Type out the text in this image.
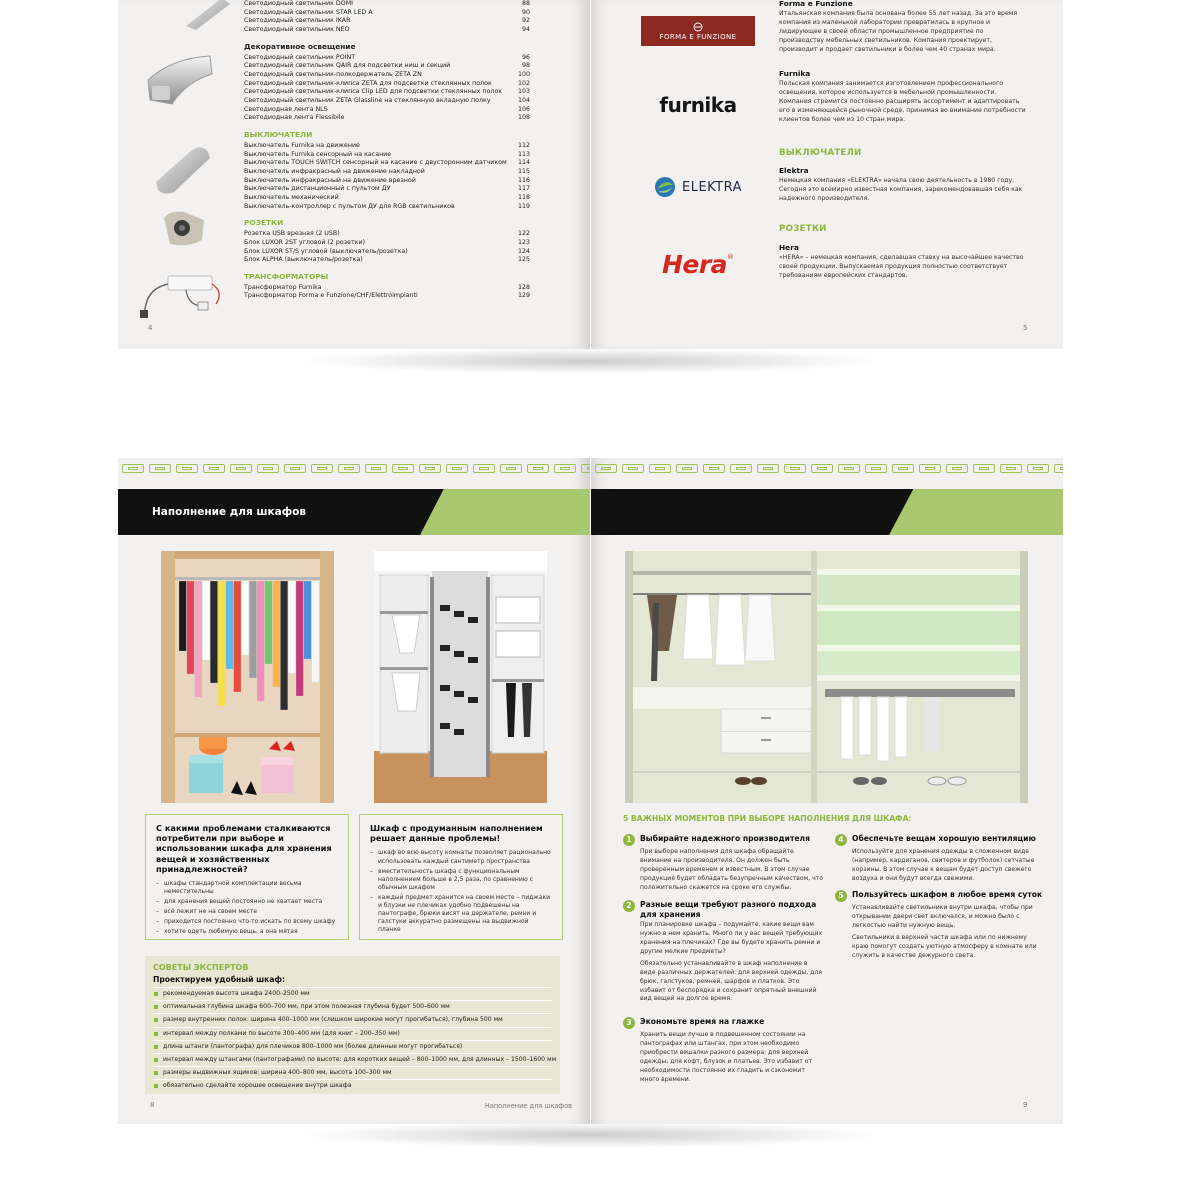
Светодиодный светильник DOMI	88
Светодиодный светильник STAR LED A	90
Светодиодный светильник IKAR	92
Светодиодный светильник NEO	94
Декоративное освещение
Светодиодный светильник POINT	96
Светодиодный светильник QAIR для подсветки ниш и секций	98
Светодиодный светильник-полкодержатель ZETA ZN	100
Светодиодный светильник-клипса ZETA для подсветки стеклянных полок	102
Светодиодный светильник-клипса Clip LED для подсветки стеклянных полок	103
Светодиодный светильник ZETA Glassline на стеклянную вкладную полку	104
Светодиодная лента NLS	106
Светодиодная лента Flessibile	108
ВЫКЛЮЧАТЕЛИ
Выключатель Furnika на движение	112
Выключатель Furnika сенсорный на касание	113
Выключатель TOUCH SWITCH сенсорный на касание с двусторонним датчиком	114
Выключатель инфракрасный на движение накладной	115
Выключатель инфракрасный на движение врезной	116
Выключатель дистанционный с пультом ДУ	117
Выключатель механический	118
Выключатель-контроллер с пультом ДУ для RGB светильников	119
РОЗЕТКИ
Розетка USB врезная (2 USB)	122
Блок LUXOR 2ST угловой (2 розетки)	123
Блок LUXOR ST/S угловой (выключатель/розетка)	124
Блок ALPHA (выключатель/розетка)	125
ТРАНСФОРМАТОРЫ
Трансформатор Furnika	128
Трансформатор Forma e Funzione/CHF/Elettroimpianti	129
4
FORMA E FUNZIONE
furnika
ELEKTRA
Hera ®
Forma e Funzione
Итальянская компания была основана более 55 лет назад. За это время компания из маленькой лаборатории превратилась в крупное и лидирующее в своей области промышленное предприятие по производству мебельных светильников. Компания проектирует, производит и продает светильники в более чем 40 странах мира.
Furnika
Польская компания занимается изготовлением профессионального освещения, которое используется в мебельной промышленности. Компания стремится постоянно расширять ассортимент и адаптировать его в изменяющейся рыночной среде, принимая во внимание потребности клиентов более чем из 10 стран мира.
ВЫКЛЮЧАТЕЛИ
Elektra
Немецкая компания «ELEKTRA» начала свою деятельность в 1980 году. Сегодня это всемирно известная компания, зарекомендовавшая себя как надежного производителя.
РОЗЕТКИ
Hera
«HERA» – немецкая компания, сделавшая ставку на высочайшее качество своей продукции. Выпускаемая продукция полностью соответствует требованиям европейских стандартов.
5
Наполнение для шкафов
С какими проблемами сталкиваются потребители при выборе и использовании шкафа для хранения вещей и хозяйственных принадлежностей?
– шкафы стандартной комплектации весьма неместительны
– для хранения вещей постоянно не хватает места
– всё лежит не на своем месте
– приходится постоянно что-то искать по всему шкафу
– хотите одеть любимую вещь, а она мятая
Шкаф с продуманным наполнением решает данные проблемы!
– шкаф во всю высоту комнаты позволяет рационально использовать каждый сантиметр пространства
– вместительность шкафа с функциональным наполнением больше в 2,5 раза, по сравнению с обычным шкафом
– каждый предмет хранится на своем месте – пиджаки и блузки не плечиках удобно подвешены на пантографе, брюки висят на держателе, ремни и галстуки аккуратно размещены на выдвижной планке
СОВЕТЫ ЭКСПЕРТОВ
Проектируем удобный шкаф:
рекомендуемая высота шкафа 2400–2500 мм
оптимальная глубина шкафа 600–700 мм, при этом полезная глубина будет 500–600 мм
размер внутренних полок: ширина 400–1000 мм (слишком широкие могут прогибаться), глубина 500 мм
интервал между полками по высоте 300–400 мм (для книг – 200–350 мм)
длина штанги (пантографа) для плечиков 800–1000 мм (более длинные могут прогибаться)
интервал между штангами (пантографами) по высоте: для коротких вещей – 800–1000 мм, для длинных – 1500–1600 мм
размеры выдвижных ящиков: ширина 400–800 мм, высота 100–300 мм
обязательно сделайте хорошее освещение внутри шкафа
8	Наполнение для шкафов
5 ВАЖНЫХ МОМЕНТОВ ПРИ ВЫБОРЕ НАПОЛНЕНИЯ ДЛЯ ШКАФА:
1	Выбирайте надежного производителя

При выборе наполнения для шкафа обращайте внимание на производителя. Он должен быть проверенным временем и известным. В этом случае продукция будет обладать безупречным качеством, что положительно скажется на сроке его службы.

2	Разные вещи требуют разного подхода для хранения

При планировке шкафа – подумайте, какие вещи вам нужно в нем хранить. Много ли у вас вещей требующих хранения на плечиках? Где вы будете хранить ремни и другие мелкие предметы?

Обязательно устанавливайте в шкаф наполнение в виде различных держателей: для верхней одежды, для брюк, галстуков, ремней, шарфов и платков. Это избавит от беспорядка и сохранит опрятный внешний вид вещей на долгое время.

3	Экономьте время на глажке

Хранить вещи лучше в подвешенном состоянии на пантографах или штангах, при этом необходимо приобрести вешалки разного размера: для верхней одежды, для кофт, блузок и платьев. Это избавит от необходимости постоянно их гладить и сэкономит много времени.

4	Обеспечьте вещам хорошую вентиляцию

Используйте для хранения одежды в сложенном виде (например, кардиганов, свитеров и футболок) сетчатые корзины. В этом случае к вещам будет доступ свежего воздуха и они будут всегда свежими.

5	Пользуйтесь шкафом в любое время суток

Устанавливайте светильники внутри шкафа, чтобы при открывании двери свет включался, и можно было с легкостью найти нужную вещь.

Светильники в верхней части шкафа или по нижнему краю помогут создать уютную атмосферу в комнате или служить в качестве дежурного света.

9
